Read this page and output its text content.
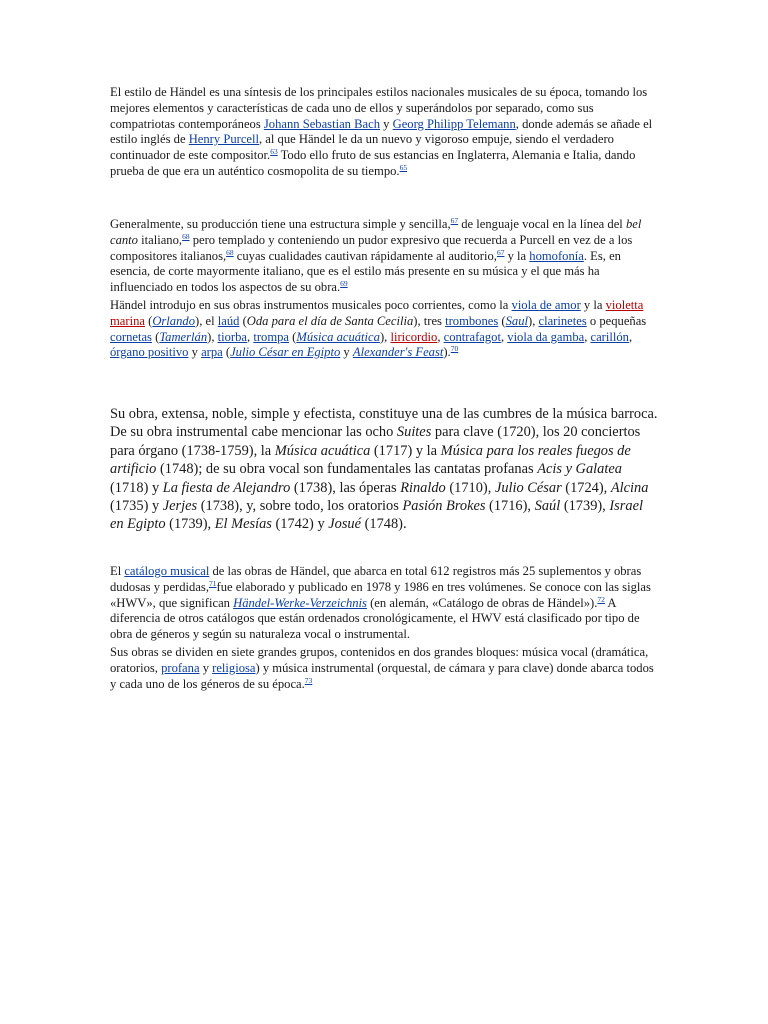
El estilo de Händel es una síntesis de los principales estilos nacionales musicales de su época, tomando los mejores elementos y características de cada uno de ellos y superándolos por separado, como sus compatriotas contemporáneos Johann Sebastian Bach y Georg Philipp Telemann, donde además se añade el estilo inglés de Henry Purcell, al que Händel le da un nuevo y vigoroso empuje, siendo el verdadero continuador de este compositor.$^{63}$ Todo ello fruto de sus estancias en Inglaterra, Alemania e Italia, dando prueba de que era un auténtico cosmopolita de su tiempo.$^{65}$

Generalmente, su producción tiene una estructura simple y sencilla,$^{67}$ de lenguaje vocal en la línea del bel canto italiano,$^{68}$ pero templado y conteniendo un pudor expresivo que recuerda a Purcell en vez de a los compositores italianos,$^{68}$ cuyas cualidades cautivan rápidamente al auditorio,$^{67}$ y la homofonía. Es, en esencia, de corte mayormente italiano, que es el estilo más presente en su música y el que más ha influenciado en todos los aspectos de su obra.$^{69}$

Händel introdujo en sus obras instrumentos musicales poco corrientes, como la viola de amor y la violetta marina (Orlando), el laúd (Oda para el día de Santa Cecilia), tres trombones (Saul), clarinetes o pequeñas cornetas (Tamerlán), tiorba, trompa (Música acuática), liricordio, contrafagot, viola da gamba, carillón, órgano positivo y arpa (Julio César en Egipto y Alexander's Feast).$^{70}$

Su obra, extensa, noble, simple y efectista, constituye una de las cumbres de la música barroca. De su obra instrumental cabe mencionar las ocho Suites para clave (1720), los 20 conciertos para órgano (1738-1759), la Música acuática (1717) y la Música para los reales fuegos de artificio (1748); de su obra vocal son fundamentales las cantatas profanas Acis y Galatea (1718) y La fiesta de Alejandro (1738), las óperas Rinaldo (1710), Julio César (1724), Alcina (1735) y Jerjes (1738), y, sobre todo, los oratorios Pasión Brokes (1716), Saúl (1739), Israel en Egipto (1739), El Mesías (1742) y Josué (1748).

El catálogo musical de las obras de Händel, que abarca en total 612 registros más 25 suplementos y obras dudosas y perdidas,$^{71}$fue elaborado y publicado en 1978 y 1986 en tres volúmenes. Se conoce con las siglas «HWV», que significan Händel-Werke-Verzeichnis (en alemán, «Catálogo de obras de Händel»).$^{72}$ A diferencia de otros catálogos que están ordenados cronológicamente, el HWV está clasificado por tipo de obra de géneros y según su naturaleza vocal o instrumental.

Sus obras se dividen en siete grandes grupos, contenidos en dos grandes bloques: música vocal (dramática, oratorios, profana y religiosa) y música instrumental (orquestal, de cámara y para clave) donde abarca todos y cada uno de los géneros de su época.$^{73}$
